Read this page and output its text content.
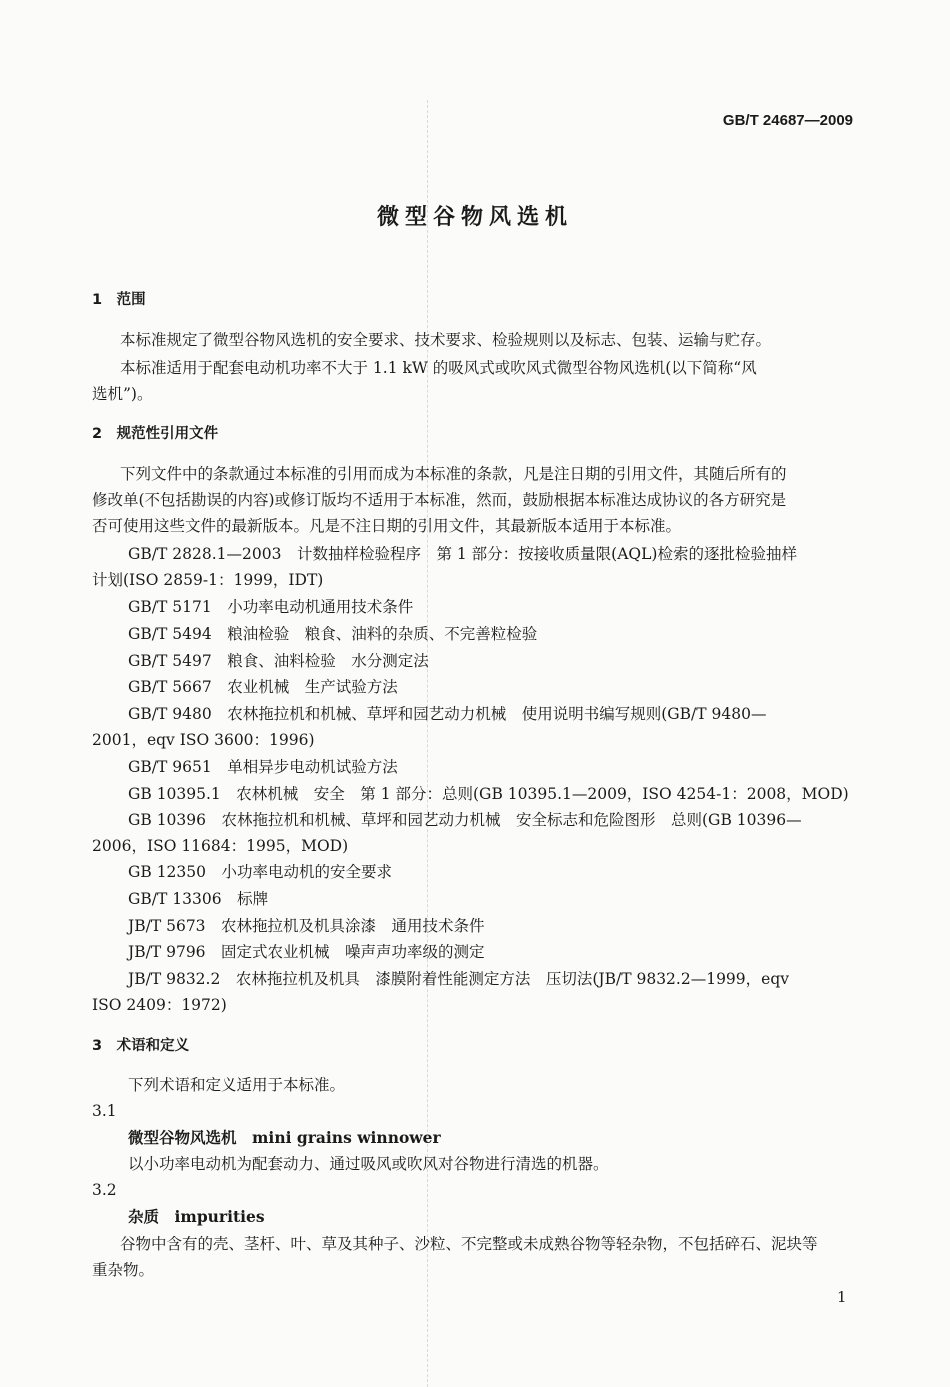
GB/T 24687—2009
微型谷物风选机
1　范围
本标准规定了微型谷物风选机的安全要求、技术要求、检验规则以及标志、包装、运输与贮存。
本标准适用于配套电动机功率不大于 1.1 kW 的吸风式或吹风式微型谷物风选机(以下简称“风
选机”)。
2　规范性引用文件
下列文件中的条款通过本标准的引用而成为本标准的条款，凡是注日期的引用文件，其随后所有的
修改单(不包括勘误的内容)或修订版均不适用于本标准，然而，鼓励根据本标准达成协议的各方研究是
否可使用这些文件的最新版本。凡是不注日期的引用文件，其最新版本适用于本标准。
GB/T 2828.1—2003　计数抽样检验程序　第 1 部分：按接收质量限(AQL)检索的逐批检验抽样
计划(ISO 2859-1：1999，IDT)
GB/T 5171　小功率电动机通用技术条件
GB/T 5494　粮油检验　粮食、油料的杂质、不完善粒检验
GB/T 5497　粮食、油料检验　水分测定法
GB/T 5667　农业机械　生产试验方法
GB/T 9480　农林拖拉机和机械、草坪和园艺动力机械　使用说明书编写规则(GB/T 9480—
2001，eqv ISO 3600：1996)
GB/T 9651　单相异步电动机试验方法
GB 10395.1　农林机械　安全　第 1 部分：总则(GB 10395.1—2009，ISO 4254-1：2008，MOD)
GB 10396　农林拖拉机和机械、草坪和园艺动力机械　安全标志和危险图形　总则(GB 10396—
2006，ISO 11684：1995，MOD)
GB 12350　小功率电动机的安全要求
GB/T 13306　标牌
JB/T 5673　农林拖拉机及机具涂漆　通用技术条件
JB/T 9796　固定式农业机械　噪声声功率级的测定
JB/T 9832.2　农林拖拉机及机具　漆膜附着性能测定方法　压切法(JB/T 9832.2—1999，eqv
ISO 2409：1972)
3　术语和定义
下列术语和定义适用于本标准。
3.1
微型谷物风选机　 mini grains winnower
以小功率电动机为配套动力、通过吸风或吹风对谷物进行清选的机器。
3.2
杂质　 impurities
谷物中含有的壳、茎杆、叶、草及其种子、沙粒、不完整或未成熟谷物等轻杂物，不包括碎石、泥块等
重杂物。
1
